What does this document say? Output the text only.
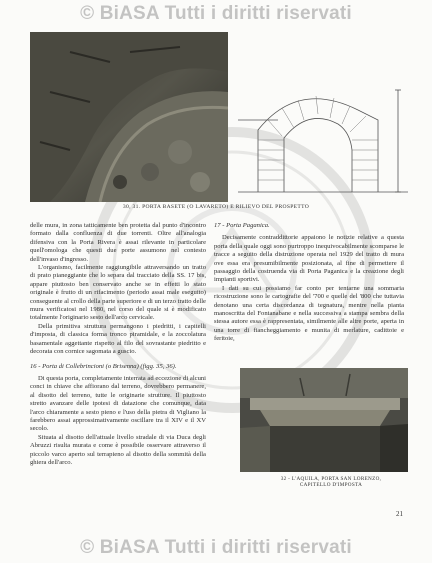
© BiASA Tutti i diritti riservati
30, 31. PORTA BASETE (O LAVARETO) E RILIEVO DEL PROSPETTO

delle mura, in zona tatticamente ben protetta dal punto d'incontro formato dalla confluenza di due torrenti. Oltre all'analogia difensiva con la Porta Rivera è assai rilevante in particolare quell'omologa che questi due porte assumono nel contesto dell'invaso d'ingresso.

L'organismo, facilmente raggiungibile attraversando un tratto di prato pianeggiante che lo separa dal tracciato della SS. 17 bis, appare piuttosto ben conservato anche se in effetti lo stato originale è frutto di un rifacimento (periodo assai male eseguito) conseguente al crollo della parte superiore e di un terzo tratto delle mura verificatosi nel 1980, nel corso del quale si è modificato totalmente l'originario sesto dell'arco cervicale.

Della primitiva struttura permangono i piedritti, i capitelli d'imposta, di classica forma tronco piramidale, e la zoccolatura basamentale aggettante rispetto al filo del sovrastante piedritto e decorata con cornice sagomata a guscio.

16 - Porta di Collebrincioni (o Brisenna) (figg. 35, 36).

Di questa porta, completamente interrata ad eccezione di alcuni conci in chiave che affiorano dal terreno, dovrebbero permanere, al disotto del terreno, tutte le originarie strutture. Il piuttosto stretto avanzare delle ipotesi di datazione che comunque, data l'arco chiaramente a sesto pieno e l'uso della pietra di Vigliano la farebbero assai approssimativamente oscillare tra il XIV e il XV secolo.

Situata al disotto dell'attuale livello stradale di via Duca degli Abruzzi risulta murata e come è possibile osservare attraverso il piccolo varco aperto sul terrapieno al disotto della sommità della ghiera dell'arco.

17 - Porta Paganica.

Decisamente contraddittorie appaiono le notizie relative a questa porta della quale oggi sono purtroppo inequivocabilmente scomparse le tracce a seguito della distruzione operata nel 1929 del tratto di mura ove essa era presumibilmente posizionata, al fine di permettere il passaggio della costruenda via di Porta Paganica e la creazione degli impianti sportivi.

I dati su cui possiamo far conto per tentarne una sommaria ricostruzione sono le cartografie del '700 e quelle del '800 che tuttavia denotano una certa discordanza di tegnatura, mentre nella pianta manoscritta del Fontanabane e nella successiva a stampa sembra della stessa autore essa è rappresentata, similmente alle altre porte, aperta in una torre di fiancheggiamento e munita di merlature, cadittoie e feritoie,

32 - L'AQUILA, PORTA SAN LORENZO,
CAPITELLO D'IMPOSTA
21
© BiASA Tutti i diritti riservati
